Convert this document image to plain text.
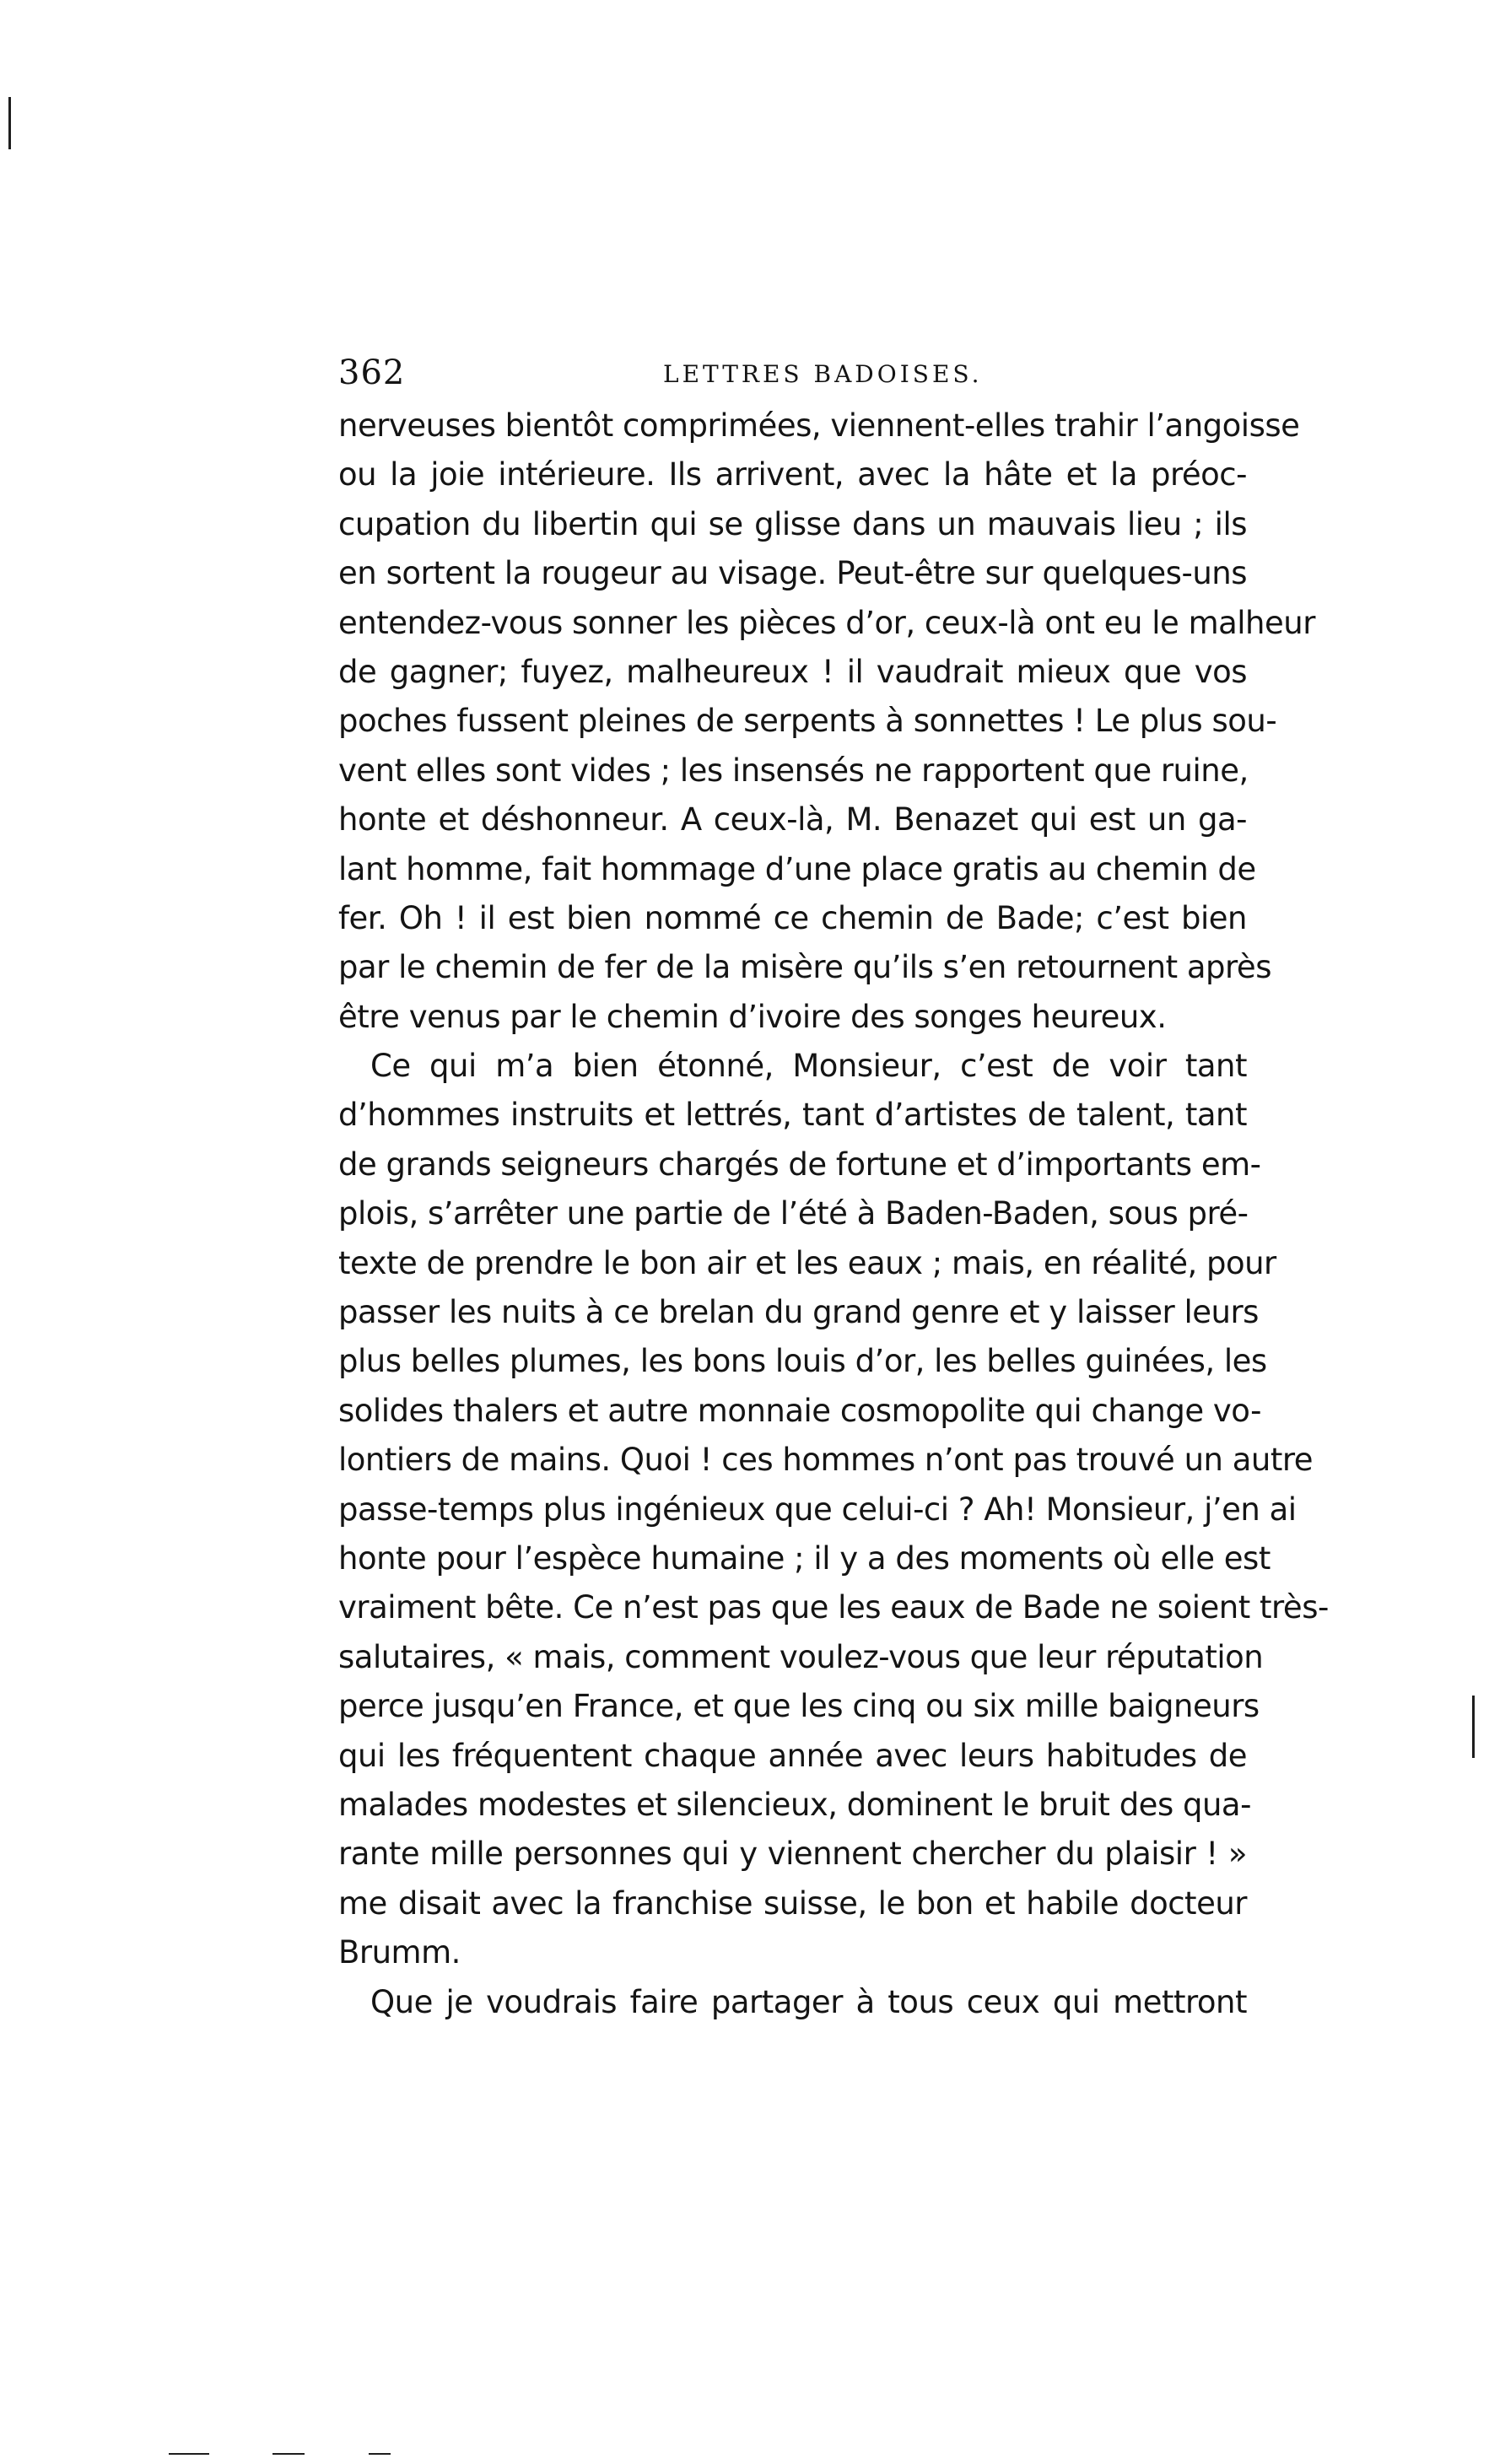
362	LETTRES BADOISES.
nerveuses bientôt comprimées, viennent-elles trahir l’angoisse
ou la joie intérieure. Ils arrivent, avec la hâte et la préoc-
cupation du libertin qui se glisse dans un mauvais lieu ; ils
en sortent la rougeur au visage. Peut-être sur quelques-uns
entendez-vous sonner les pièces d’or, ceux-là ont eu le malheur
de gagner; fuyez, malheureux ! il vaudrait mieux que vos
poches fussent pleines de serpents à sonnettes ! Le plus sou-
vent elles sont vides ; les insensés ne rapportent que ruine,
honte et déshonneur. A ceux-là, M. Benazet qui est un ga-
lant homme, fait hommage d’une place gratis au chemin de
fer. Oh ! il est bien nommé ce chemin de Bade; c’est bien
par le chemin de fer de la misère qu’ils s’en retournent après
être venus par le chemin d’ivoire des songes heureux.
Ce qui m’a bien étonné, Monsieur, c’est de voir tant
d’hommes instruits et lettrés, tant d’artistes de talent, tant
de grands seigneurs chargés de fortune et d’importants em-
plois, s’arrêter une partie de l’été à Baden-Baden, sous pré-
texte de prendre le bon air et les eaux ; mais, en réalité, pour
passer les nuits à ce brelan du grand genre et y laisser leurs
plus belles plumes, les bons louis d’or, les belles guinées, les
solides thalers et autre monnaie cosmopolite qui change vo-
lontiers de mains. Quoi ! ces hommes n’ont pas trouvé un autre
passe-temps plus ingénieux que celui-ci ? Ah! Monsieur, j’en ai
honte pour l’espèce humaine ; il y a des moments où elle est
vraiment bête. Ce n’est pas que les eaux de Bade ne soient très-
salutaires, « mais, comment voulez-vous que leur réputation
perce jusqu’en France, et que les cinq ou six mille baigneurs
qui les fréquentent chaque année avec leurs habitudes de
malades modestes et silencieux, dominent le bruit des qua-
rante mille personnes qui y viennent chercher du plaisir ! »
me disait avec la franchise suisse, le bon et habile docteur
Brumm.
Que je voudrais faire partager à tous ceux qui mettront
